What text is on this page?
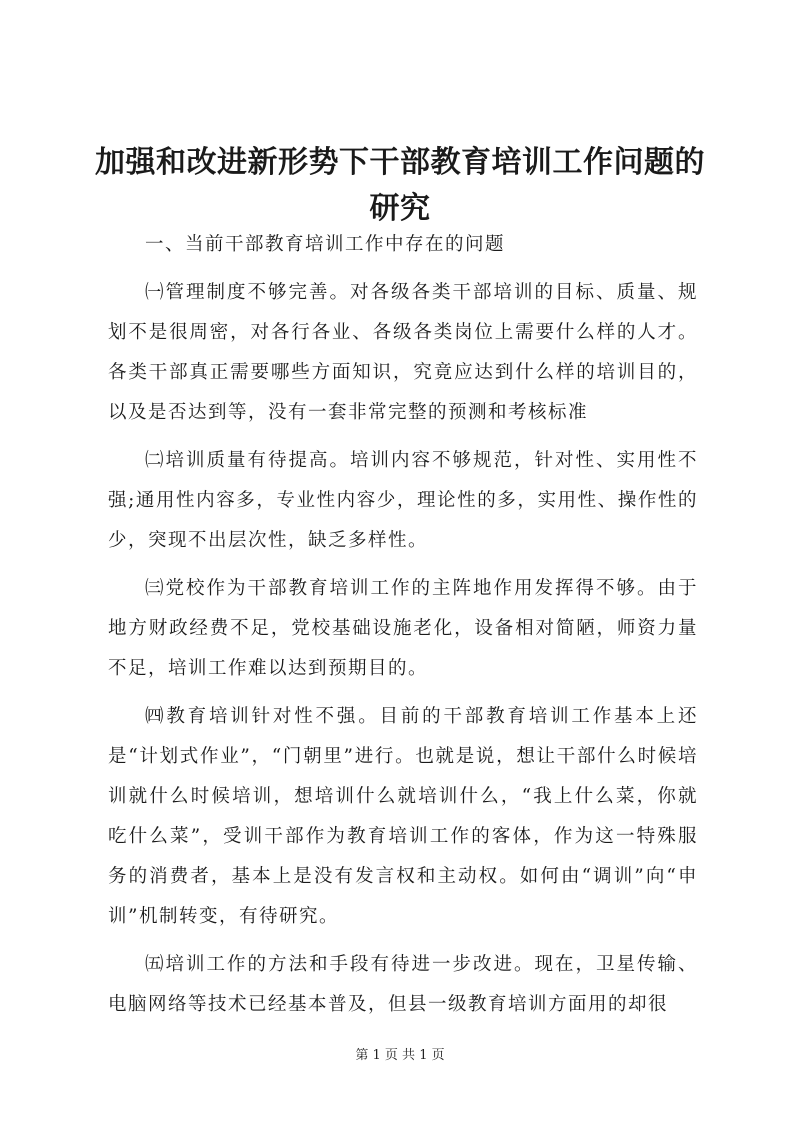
加强和改进新形势下干部教育培训工作问题的研究

一、当前干部教育培训工作中存在的问题

㈠管理制度不够完善。对各级各类干部培训的目标、质量、规划不是很周密，对各行各业、各级各类岗位上需要什么样的人才。各类干部真正需要哪些方面知识，究竟应达到什么样的培训目的，以及是否达到等，没有一套非常完整的预测和考核标准

㈡培训质量有待提高。培训内容不够规范，针对性、实用性不强;通用性内容多，专业性内容少，理论性的多，实用性、操作性的少，突现不出层次性，缺乏多样性。

㈢党校作为干部教育培训工作的主阵地作用发挥得不够。由于地方财政经费不足，党校基础设施老化，设备相对简陋，师资力量不足，培训工作难以达到预期目的。

㈣教育培训针对性不强。目前的干部教育培训工作基本上还是“计划式作业”，“门朝里”进行。也就是说，想让干部什么时候培训就什么时候培训，想培训什么就培训什么，“我上什么菜，你就吃什么菜”，受训干部作为教育培训工作的客体，作为这一特殊服务的消费者，基本上是没有发言权和主动权。如何由“调训”向“申训”机制转变，有待研究。

㈤培训工作的方法和手段有待进一步改进。现在，卫星传输、电脑网络等技术已经基本普及，但县一级教育培训方面用的却很

第 1 页 共 1 页
